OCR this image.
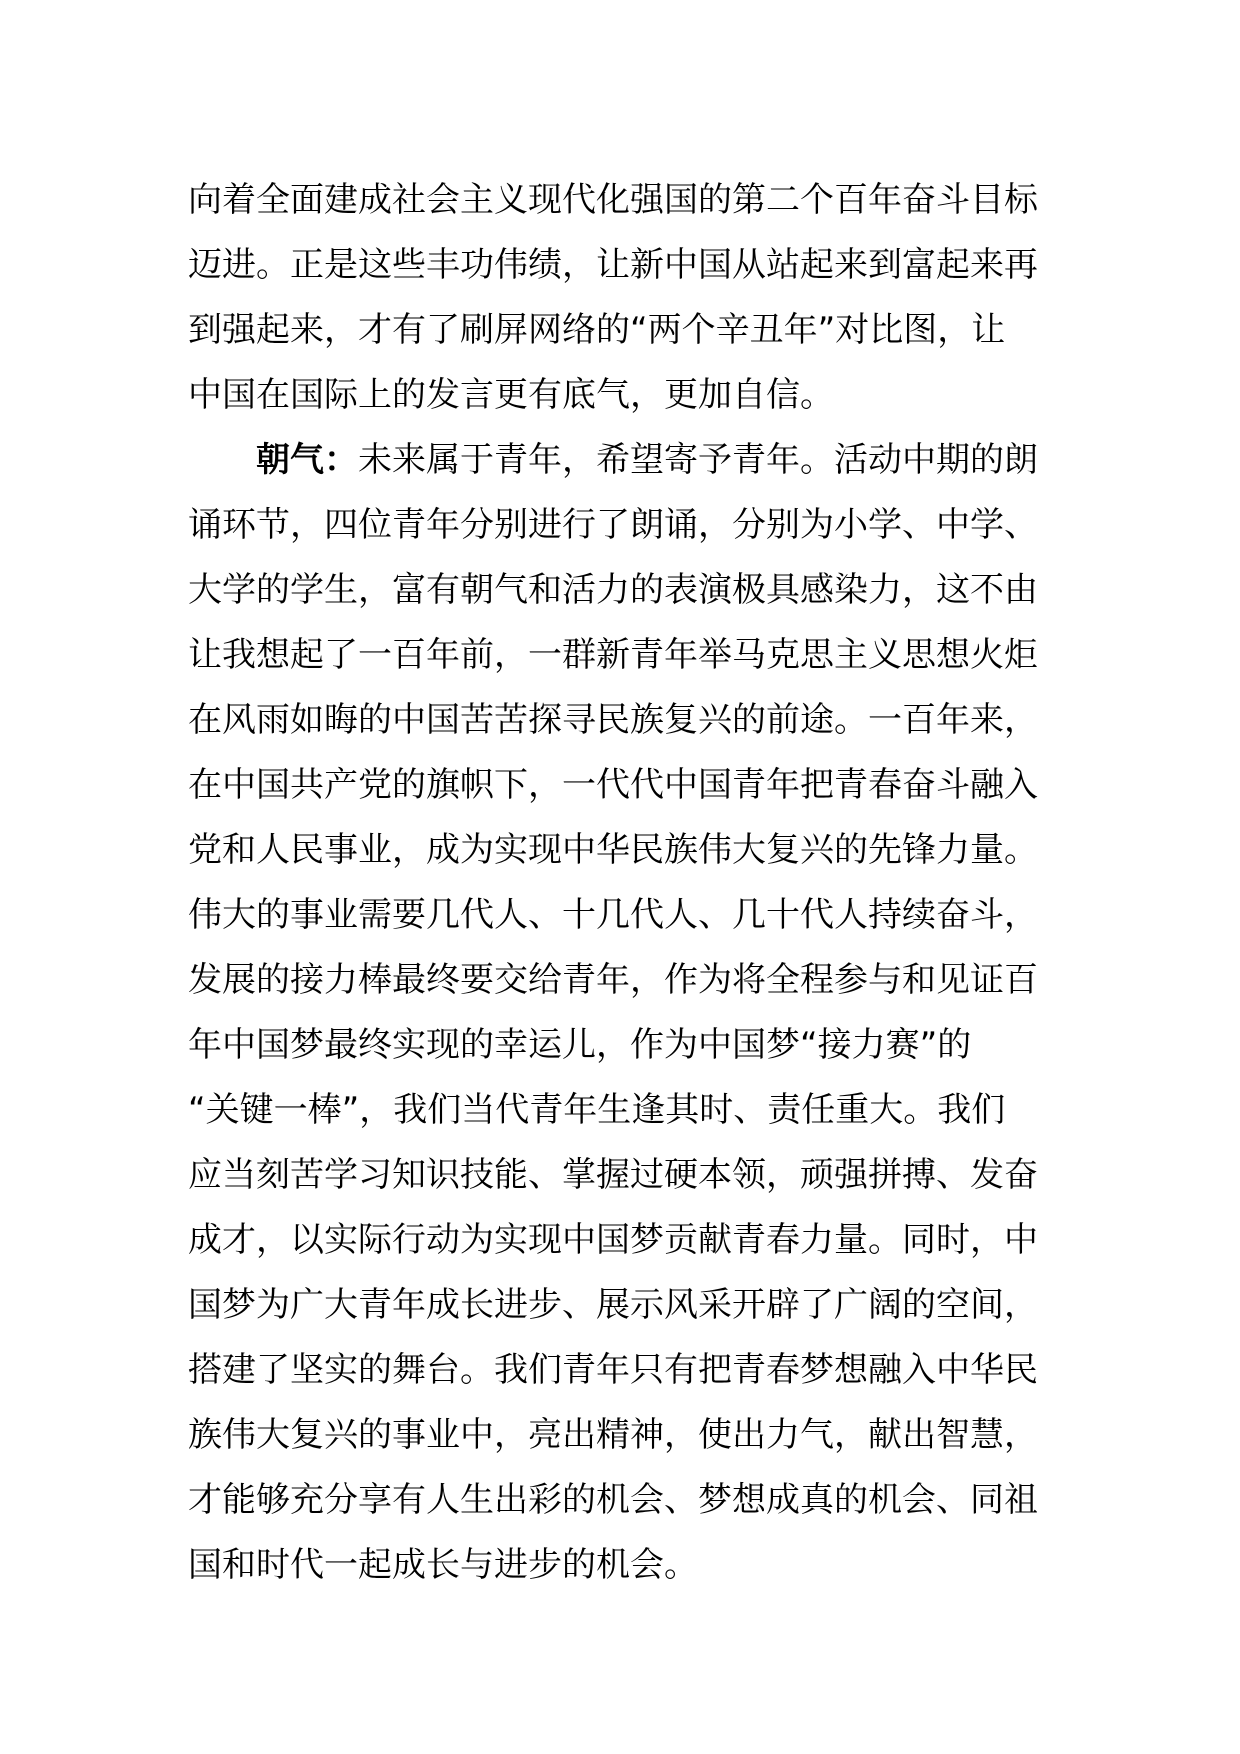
向着全面建成社会主义现代化强国的第二个百年奋斗目标
迈进。正是这些丰功伟绩，让新中国从站起来到富起来再
到强起来，才有了刷屏网络的“两个辛丑年”对比图，让
中国在国际上的发言更有底气，更加自信。
朝气：未来属于青年，希望寄予青年。活动中期的朗
诵环节，四位青年分别进行了朗诵，分别为小学、中学、
大学的学生，富有朝气和活力的表演极具感染力，这不由
让我想起了一百年前，一群新青年举马克思主义思想火炬
在风雨如晦的中国苦苦探寻民族复兴的前途。一百年来，
在中国共产党的旗帜下，一代代中国青年把青春奋斗融入
党和人民事业，成为实现中华民族伟大复兴的先锋力量。
伟大的事业需要几代人、十几代人、几十代人持续奋斗，
发展的接力棒最终要交给青年，作为将全程参与和见证百
年中国梦最终实现的幸运儿，作为中国梦“接力赛”的
“关键一棒”，我们当代青年生逢其时、责任重大。我们
应当刻苦学习知识技能、掌握过硬本领，顽强拼搏、发奋
成才，以实际行动为实现中国梦贡献青春力量。同时，中
国梦为广大青年成长进步、展示风采开辟了广阔的空间，
搭建了坚实的舞台。我们青年只有把青春梦想融入中华民
族伟大复兴的事业中，亮出精神，使出力气，献出智慧，
才能够充分享有人生出彩的机会、梦想成真的机会、同祖
国和时代一起成长与进步的机会。
